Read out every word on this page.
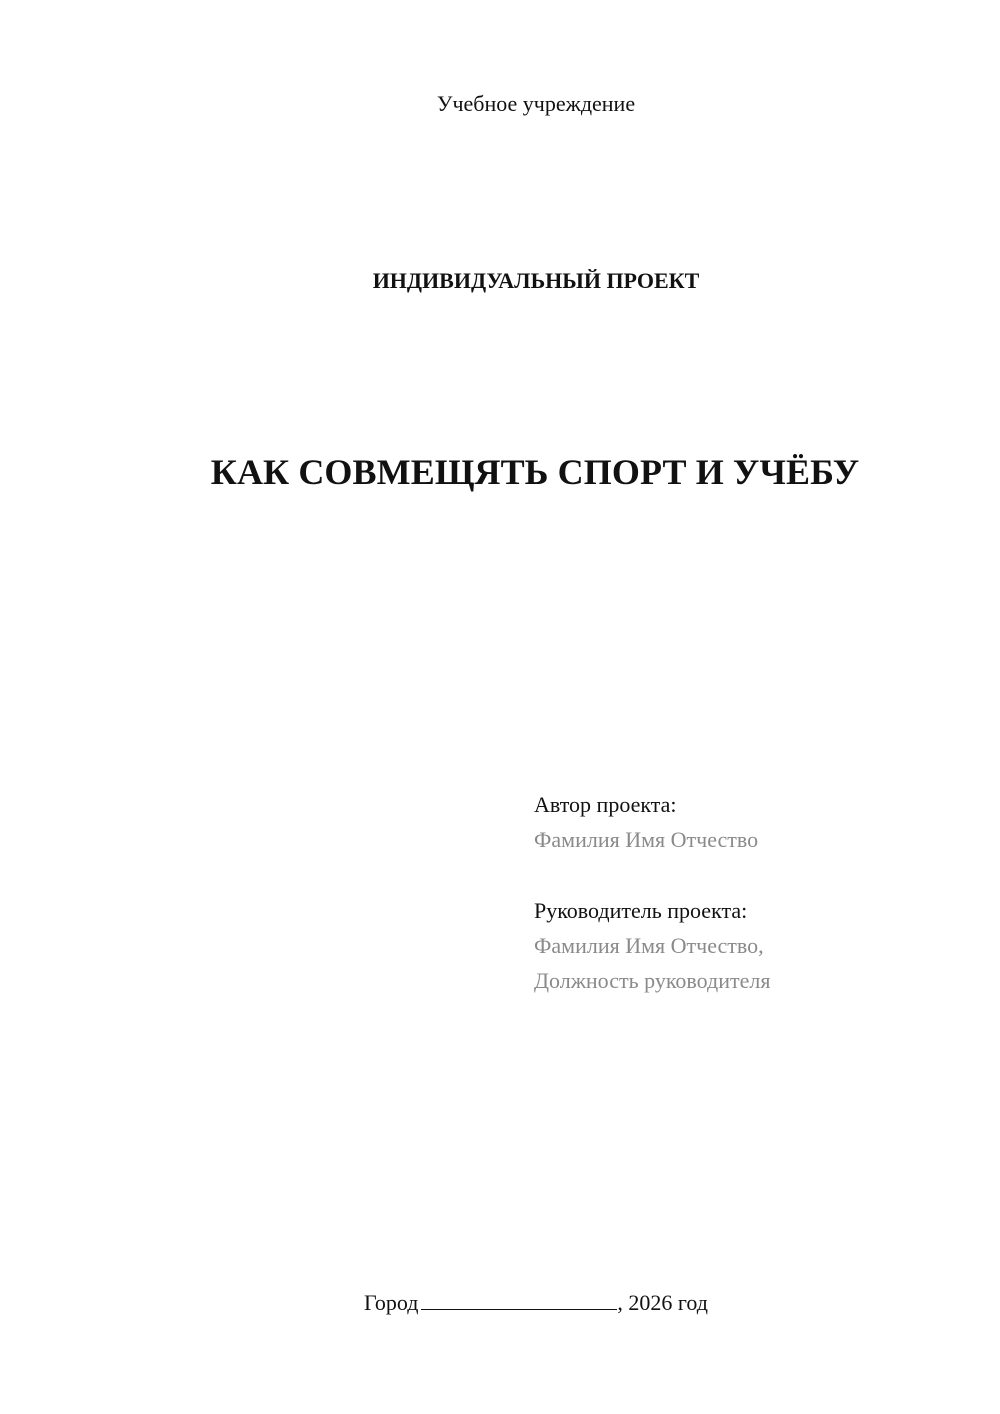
Учебное учреждение
ИНДИВИДУАЛЬНЫЙ ПРОЕКТ
КАК СОВМЕЩЯТЬ СПОРТ И УЧЁБУ
Автор проекта:
Фамилия Имя Отчество
Руководитель проекта:
Фамилия Имя Отчество,
Должность руководителя
Город	, 2026 год
